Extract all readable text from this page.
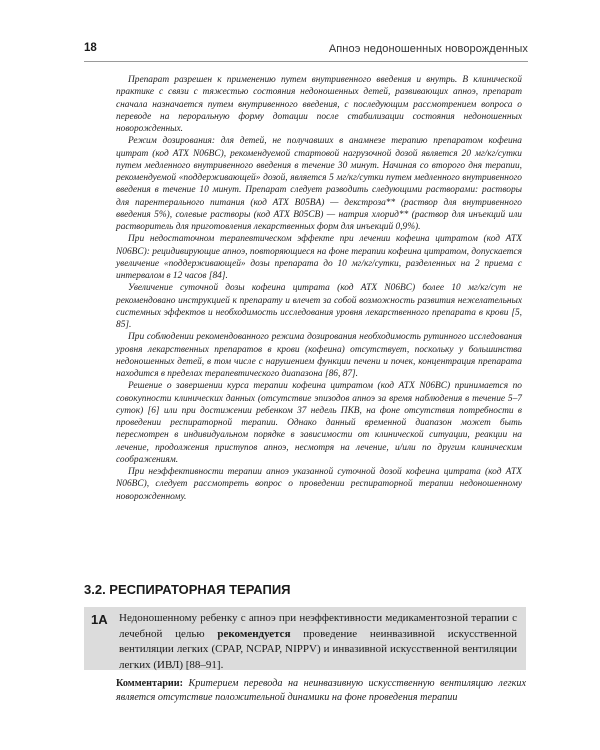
18	Апноэ недоношенных новорожденных

Препарат разрешен к применению путем внутривенного введения и внутрь. В клинической практике с связи с тяжестью состояния недоношенных детей, развивающих апноэ, препарат сначала назначается путем внутривенного введения, с последующим рассмотрением вопроса о переводе на пероральную форму дотации после стабилизации состояния недоношенных новорожденных.

Режим дозирования: для детей, не получавших в анамнезе терапию препаратом кофеина цитрат (код АТХ N06BC), рекомендуемой стартовой нагрузочной дозой является 20 мг/кг/сутки путем медленного внутривенного введения в течение 30 минут. Начиная со второго дня терапии, рекомендуемой «поддерживающей» дозой, является 5 мг/кг/сутки путем медленного внутривенного введения в течение 10 минут. Препарат следует разводить следующими растворами: растворы для парентерального питания (код АТХ B05BA) — декстроза** (раствор для внутривенного введения 5%), солевые растворы (код АТХ B05CB) — натрия хлорид** (раствор для инъекций или растворитель для приготовления лекарственных форм для инъекций 0,9%).

При недостаточном терапевтическом эффекте при лечении кофеина цитратом (код АТХ N06BC): рецидивирующие апноэ, повторяющиеся на фоне терапии кофеина цитратом, допускается увеличение «поддерживающей» дозы препарата до 10 мг/кг/сутки, разделенных на 2 приема с интервалом в 12 часов [84].

Увеличение суточной дозы кофеина цитрата (код АТХ N06BC) более 10 мг/кг/сут не рекомендовано инструкцией к препарату и влечет за собой возможность развития нежелательных системных эффектов и необходимость исследования уровня лекарственного препарата в крови [5, 85].

При соблюдении рекомендованного режима дозирования необходимость рутинного исследования уровня лекарственных препаратов в крови (кофеина) отсутствует, поскольку у большинства недоношенных детей, в том числе с нарушением функции печени и почек, концентрация препарата находится в пределах терапевтического диапазона [86, 87].

Решение о завершении курса терапии кофеина цитратом (код АТХ N06BC) принимается по совокупности клинических данных (отсутствие эпизодов апноэ за время наблюдения в течение 5–7 суток) [6] или при достижении ребенком 37 недель ПКВ, на фоне отсутствия потребности в проведении респираторной терапии. Однако данный временной диапазон может быть пересмотрен в индивидуальном порядке в зависимости от клинической ситуации, реакции на лечение, продолжения приступов апноэ, несмотря на лечение, и/или по другим клиническим соображениям.

При неэффективности терапии апноэ указанной суточной дозой кофеина цитрата (код АТХ N06BC), следует рассмотреть вопрос о проведении респираторной терапии недоношенному новорожденному.

3.2. РЕСПИРАТОРНАЯ ТЕРАПИЯ
1А Недоношенному ребенку с апноэ при неэффективности медикаментозной терапии с лечебной целью рекомендуется проведение неинвазивной искусственной вентиляции легких (CPAP, NCPAP, NIPPV) и инвазивной искусственной вентиляции легких (ИВЛ) [88–91].
Комментарии: Критерием перевода на неинвазивную искусственную вентиляцию легких является отсутствие положительной динамики на фоне проведения терапии
